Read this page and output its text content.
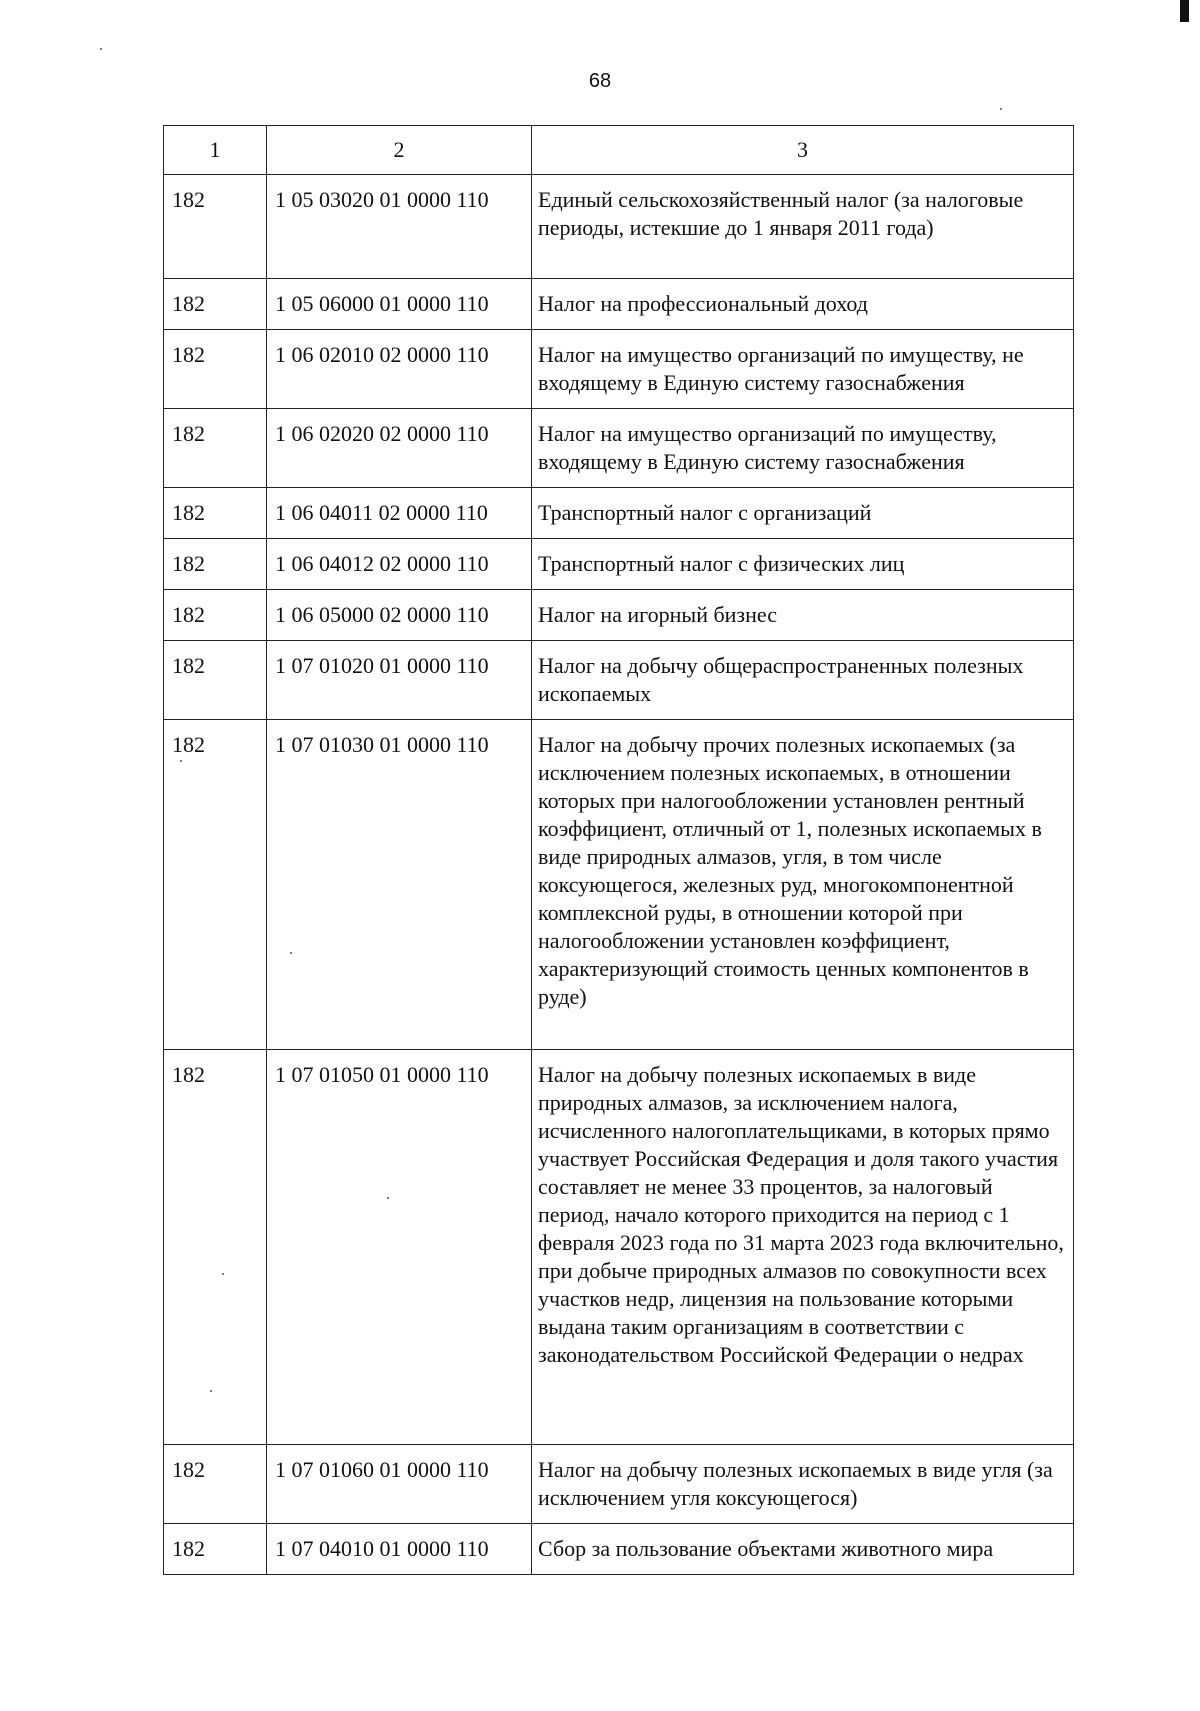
68
1	2	3

182	1 05 03020 01 0000 110	Единый сельскохозяйственный налог (за налоговые периоды, истекшие до 1 января 2011 года)

182	1 05 06000 01 0000 110	Налог на профессиональный доход

182	1 06 02010 02 0000 110	Налог на имущество организаций по имуществу, не входящему в Единую систему газоснабжения

182	1 06 02020 02 0000 110	Налог на имущество организаций по имуществу, входящему в Единую систему газоснабжения

182	1 06 04011 02 0000 110	Транспортный налог с организаций

182	1 06 04012 02 0000 110	Транспортный налог с физических лиц

182	1 06 05000 02 0000 110	Налог на игорный бизнес

182	1 07 01020 01 0000 110	Налог на добычу общераспространенных полезных ископаемых

182	1 07 01030 01 0000 110	Налог на добычу прочих полезных ископаемых (за исключением полезных ископаемых, в отношении которых при налогообложении установлен рентный коэффициент, отличный от 1, полезных ископаемых в виде природных алмазов, угля, в том числе коксующегося, железных руд, многокомпонентной комплексной руды, в отношении которой при налогообложении установлен коэффициент, характеризующий стоимость ценных компонентов в руде)

182	1 07 01050 01 0000 110	Налог на добычу полезных ископаемых в виде природных алмазов, за исключением налога, исчисленного налогоплательщиками, в которых прямо участвует Российская Федерация и доля такого участия составляет не менее 33 процентов, за налоговый период, начало которого приходится на период с 1 февраля 2023 года по 31 марта 2023 года включительно, при добыче природных алмазов по совокупности всех участков недр, лицензия на пользование которыми выдана таким организациям в соответствии с законодательством Российской Федерации о недрах

182	1 07 01060 01 0000 110	Налог на добычу полезных ископаемых в виде угля (за исключением угля коксующегося)

182	1 07 04010 01 0000 110	Сбор за пользование объектами животного мира
